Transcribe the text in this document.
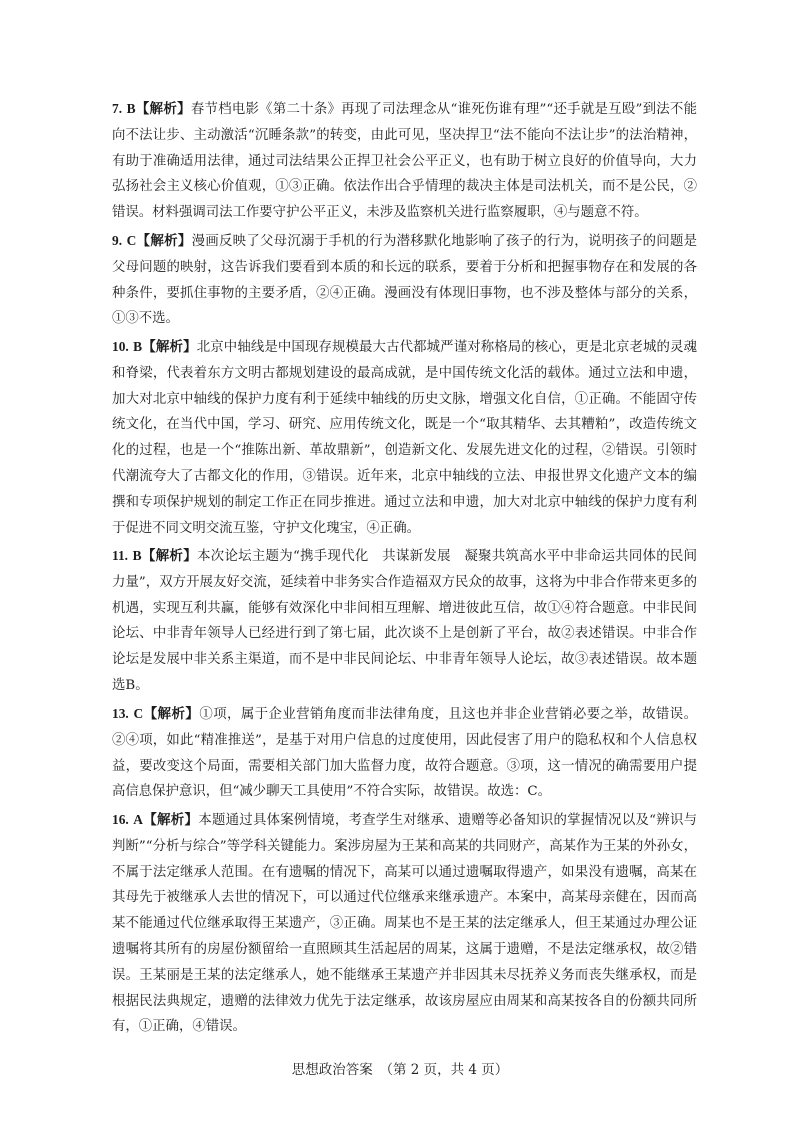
7. B【解析】春节档电影《第二十条》再现了司法理念从“谁死伤谁有理”“还手就是互殴”到法不能向不法让步、主动激活“沉睡条款”的转变，由此可见，坚决捍卫“法不能向不法让步”的法治精神，有助于准确适用法律，通过司法结果公正捍卫社会公平正义，也有助于树立良好的价值导向，大力弘扬社会主义核心价值观，①③正确。依法作出合乎情理的裁决主体是司法机关，而不是公民，②错误。材料强调司法工作要守护公平正义，未涉及监察机关进行监察履职，④与题意不符。
9. C【解析】漫画反映了父母沉溺于手机的行为潜移默化地影响了孩子的行为，说明孩子的问题是父母问题的映射，这告诉我们要看到本质的和长远的联系，要着于分析和把握事物存在和发展的各种条件，要抓住事物的主要矛盾，②④正确。漫画没有体现旧事物，也不涉及整体与部分的关系，①③不选。
10. B【解析】北京中轴线是中国现存规模最大古代都城严谨对称格局的核心，更是北京老城的灵魂和脊梁，代表着东方文明古都规划建设的最高成就，是中国传统文化活的载体。通过立法和申遗，加大对北京中轴线的保护力度有利于延续中轴线的历史文脉，增强文化自信，①正确。不能固守传统文化，在当代中国，学习、研究、应用传统文化，既是一个“取其精华、去其糟粕”，改造传统文化的过程，也是一个“推陈出新、革故鼎新”，创造新文化、发展先进文化的过程，②错误。引领时代潮流夸大了古都文化的作用，③错误。近年来，北京中轴线的立法、申报世界文化遗产文本的编撰和专项保护规划的制定工作正在同步推进。通过立法和申遗，加大对北京中轴线的保护力度有利于促进不同文明交流互鉴，守护文化瑰宝，④正确。
11. B【解析】本次论坛主题为“携手现代化　共谋新发展　凝聚共筑高水平中非命运共同体的民间力量”，双方开展友好交流，延续着中非务实合作造福双方民众的故事，这将为中非合作带来更多的机遇，实现互利共赢，能够有效深化中非间相互理解、增进彼此互信，故①④符合题意。中非民间论坛、中非青年领导人已经进行到了第七届，此次谈不上是创新了平台，故②表述错误。中非合作论坛是发展中非关系主渠道，而不是中非民间论坛、中非青年领导人论坛，故③表述错误。故本题选B。
13. C【解析】①项，属于企业营销角度而非法律角度，且这也并非企业营销必要之举，故错误。②④项，如此“精准推送”，是基于对用户信息的过度使用，因此侵害了用户的隐私权和个人信息权益，要改变这个局面，需要相关部门加大监督力度，故符合题意。③项，这一情况的确需要用户提高信息保护意识，但“减少聊天工具使用”不符合实际，故错误。故选：C。
16. A【解析】本题通过具体案例情境，考查学生对继承、遗赠等必备知识的掌握情况以及“辨识与判断”“分析与综合”等学科关键能力。案涉房屋为王某和高某的共同财产，高某作为王某的外孙女，不属于法定继承人范围。在有遗嘱的情况下，高某可以通过遗嘱取得遗产，如果没有遗嘱，高某在其母先于被继承人去世的情况下，可以通过代位继承来继承遗产。本案中，高某母亲健在，因而高某不能通过代位继承取得王某遗产，③正确。周某也不是王某的法定继承人，但王某通过办理公证遗嘱将其所有的房屋份额留给一直照顾其生活起居的周某，这属于遗赠，不是法定继承权，故②错误。王某丽是王某的法定继承人，她不能继承王某遗产并非因其未尽抚养义务而丧失继承权，而是根据民法典规定，遗赠的法律效力优先于法定继承，故该房屋应由周某和高某按各自的份额共同所有，①正确，④错误。
思想政治答案　（第 2 页，共 4 页）
